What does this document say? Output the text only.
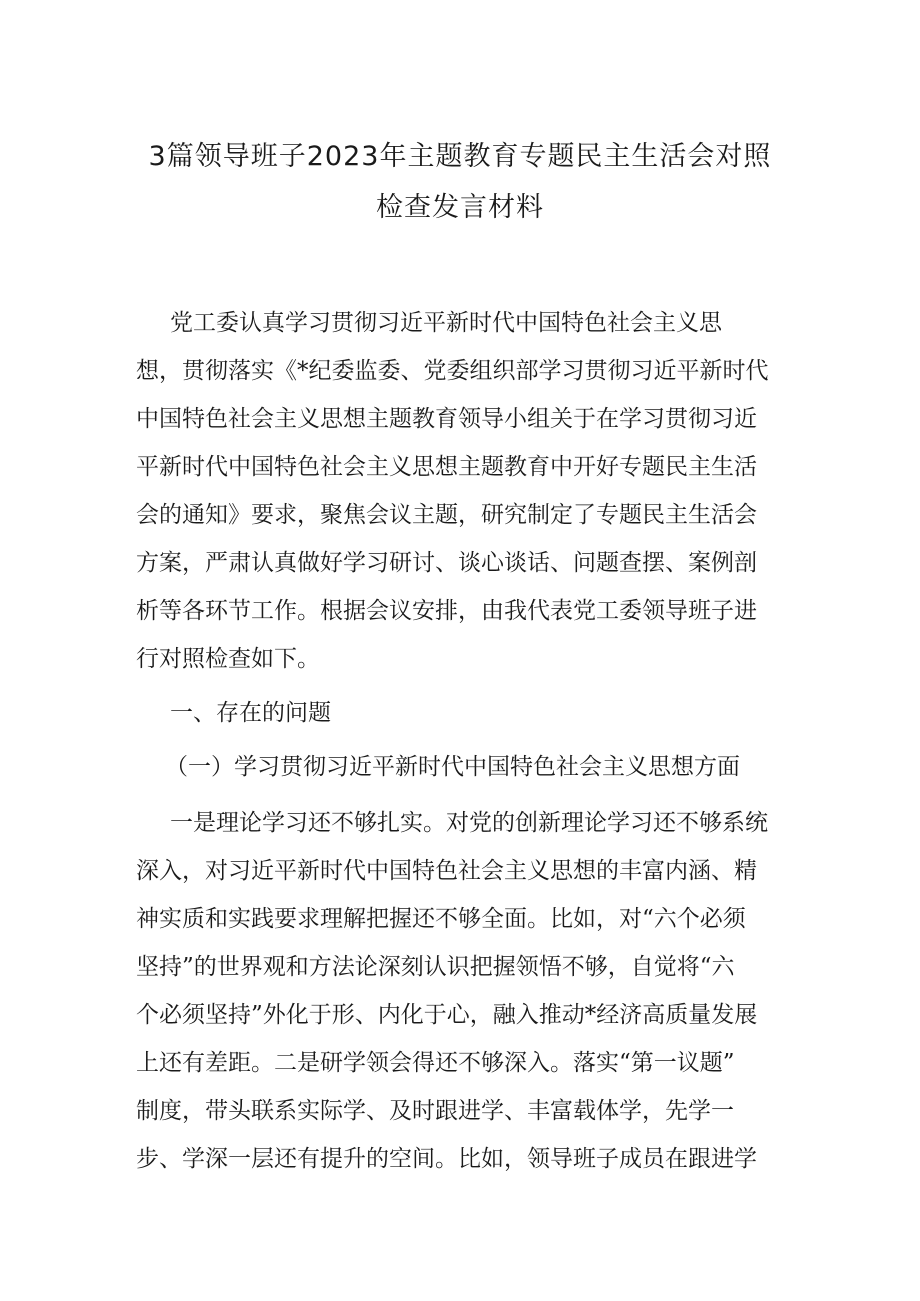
3篇领导班子2023年主题教育专题民主生活会对照
检查发言材料
党工委认真学习贯彻习近平新时代中国特色社会主义思
想，贯彻落实《*纪委监委、党委组织部学习贯彻习近平新时代
中国特色社会主义思想主题教育领导小组关于在学习贯彻习近
平新时代中国特色社会主义思想主题教育中开好专题民主生活
会的通知》要求，聚焦会议主题，研究制定了专题民主生活会
方案，严肃认真做好学习研讨、谈心谈话、问题查摆、案例剖
析等各环节工作。根据会议安排，由我代表党工委领导班子进
行对照检查如下。
一、存在的问题
（一）学习贯彻习近平新时代中国特色社会主义思想方面
一是理论学习还不够扎实。对党的创新理论学习还不够系统
深入，对习近平新时代中国特色社会主义思想的丰富内涵、精
神实质和实践要求理解把握还不够全面。比如，对“六个必须
坚持”的世界观和方法论深刻认识把握领悟不够，自觉将“六
个必须坚持”外化于形、内化于心，融入推动*经济高质量发展
上还有差距。二是研学领会得还不够深入。落实“第一议题”
制度，带头联系实际学、及时跟进学、丰富载体学，先学一
步、学深一层还有提升的空间。比如，领导班子成员在跟进学
